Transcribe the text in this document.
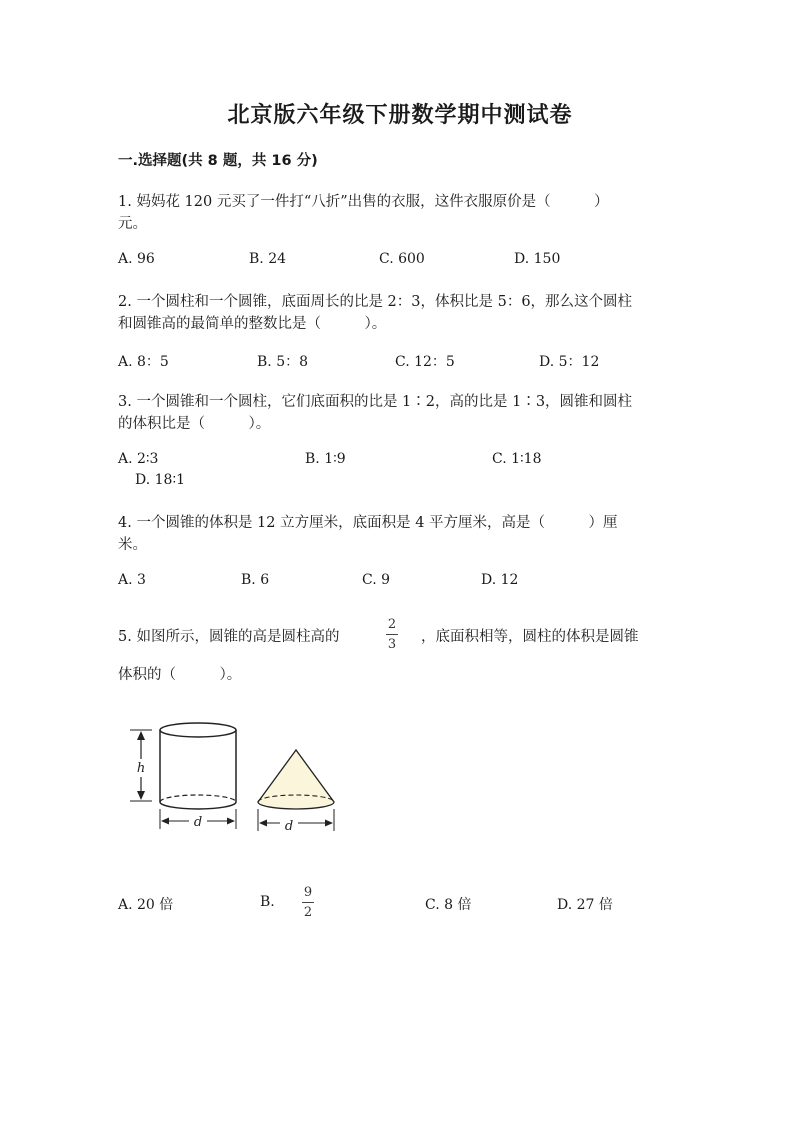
北京版六年级下册数学期中测试卷
一.选择题(共 8 题，共 16 分)
1. 妈妈花 120 元买了一件打“八折”出售的衣服，这件衣服原价是（　　　）
元。
A. 96	B. 24	C. 600	D. 150
2. 一个圆柱和一个圆锥，底面周长的比是 2：3，体积比是 5：6，那么这个圆柱
和圆锥高的最简单的整数比是（　　　）。
A. 8：5	B. 5：8	C. 12：5	D. 5：12
3. 一个圆锥和一个圆柱，它们底面积的比是 1∶2，高的比是 1∶3，圆锥和圆柱
的体积比是（　　　）。
A. 2∶3	B. 1∶9	C. 1∶18
D. 18∶1
4. 一个圆锥的体积是 12 立方厘米，底面积是 4 平方厘米，高是（　　　）厘
米。
A. 3	B. 6	C. 9	D. 12
5. 如图所示，圆锥的高是圆柱高的
2
3 ，底面积相等，圆柱的体积是圆锥
体积的（　　　）。
h
d	d
A. 20 倍	B.
9
2	C. 8 倍	D. 27 倍
